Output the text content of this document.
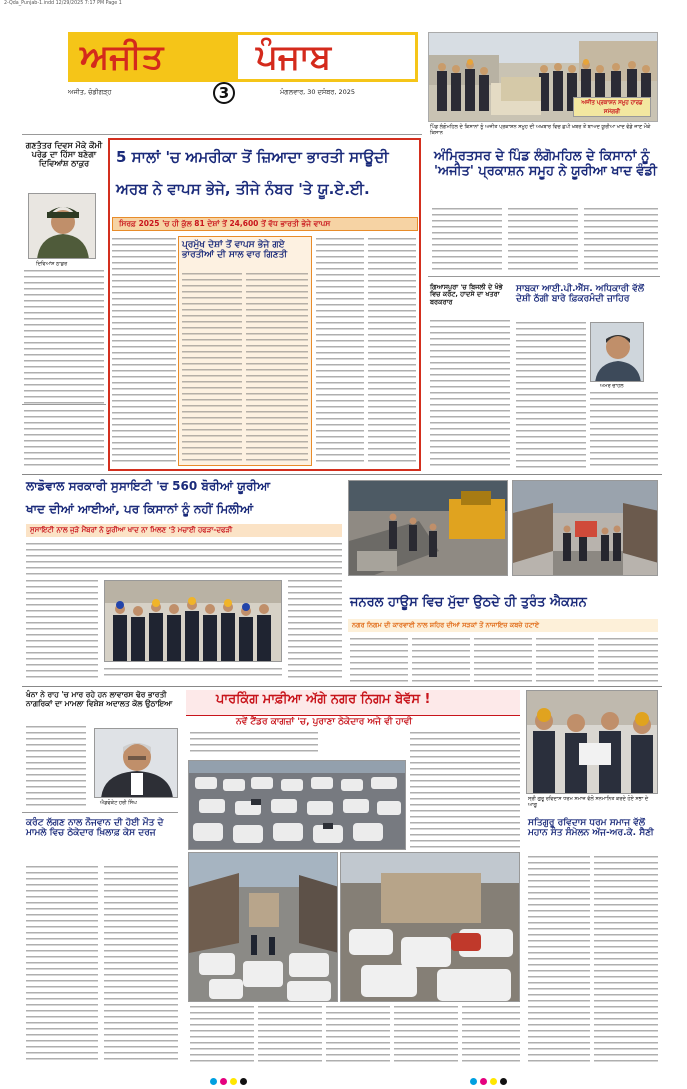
2-Qda_Punjab-1.indd 12/29/2025 7:17 PM Page 1
ਅਜੀਤ	ਪੰਜਾਬ
ਅਜੀਤ, ਚੰਡੀਗੜ੍ਹ	3	ਮੰਗਲਵਾਰ, 30 ਦਸੰਬਰ, 2025
ਅਜੀਤ ਪ੍ਰਕਾਸ਼ਨ ਸਮੂਹ ਹਾਰਡ ਸਮੱਗਰੀ
ਪਿੰਡ ਲੰਗੋਮਹਿਲ ਦੇ ਕਿਸਾਨਾਂ ਨੂੰ ਅਜੀਤ ਪ੍ਰਕਾਸ਼ਨ ਸਮੂਹ ਦੀ ਅਖ਼ਬਾਰ ਵਿਚ ਛਪੀ ਖ਼ਬਰ ਤੋਂ ਬਾਅਦ ਯੂਰੀਆ ਖਾਦ ਵੰਡੇ ਜਾਣ ਮੌਕੇ ਕਿਸਾਨ
ਗਣਤੰਤਰ ਦਿਵਸ ਮੌਕੇ ਕੌਮੀ ਪਰੇਡ ਦਾ ਹਿੱਸਾ ਬਣੇਗਾ ਦਿਵਿਆਂਸ਼ ਠਾਕੁਰ
ਦਿਵਿਆਂਸ਼ ਠਾਕੁਰ
5 ਸਾਲਾਂ 'ਚ ਅਮਰੀਕਾ ਤੋਂ ਜ਼ਿਆਦਾ ਭਾਰਤੀ ਸਾਊਦੀ
ਅਰਬ ਨੇ ਵਾਪਸ ਭੇਜੇ, ਤੀਜੇ ਨੰਬਰ 'ਤੇ ਯੂ.ਏ.ਈ.
ਸਿਰਫ਼ 2025 'ਚ ਹੀ ਕੁੱਲ 81 ਦੇਸ਼ਾਂ ਤੋਂ 24,600 ਤੋਂ ਵੱਧ ਭਾਰਤੀ ਭੇਜੇ ਵਾਪਸ
ਪ੍ਰਮੁੱਖ ਦੇਸ਼ਾਂ ਤੋਂ ਵਾਪਸ ਭੇਜੇ ਗਏ ਭਾਰਤੀਆਂ ਦੀ ਸਾਲ ਵਾਰ ਗਿਣਤੀ
ਅੰਮ੍ਰਿਤਸਰ ਦੇ ਪਿੰਡ ਲੰਗੋਮਹਿਲ ਦੇ ਕਿਸਾਨਾਂ ਨੂੰ 'ਅਜੀਤ' ਪ੍ਰਕਾਸ਼ਨ ਸਮੂਹ ਨੇ ਯੂਰੀਆ ਖਾਦ ਵੰਡੀ
ਗਿਆਸਪੁਰਾ 'ਚ ਬਿਜਲੀ ਦੇ ਖੰਭੇ ਵਿਚ ਕਰੰਟ, ਹਾਦਸੇ ਦਾ ਖਤਰਾ ਬਰਕਰਾਰ
ਸਾਬਕਾ ਆਈ.ਪੀ.ਐੱਸ. ਅਧਿਕਾਰੀ ਵੱਲੋਂ ਦੇਸ਼ੀ ਠੱਗੀ ਬਾਰੇ ਫ਼ਿਕਰਮੰਦੀ ਜ਼ਾਹਿਰ
ਅਮਰ ਚਾਹਲ
ਲਾਡੋਵਾਲ ਸਰਕਾਰੀ ਸੁਸਾਇਟੀ 'ਚ 560 ਬੋਰੀਆਂ ਯੂਰੀਆ
ਖਾਦ ਦੀਆਂ ਆਈਆਂ, ਪਰ ਕਿਸਾਨਾਂ ਨੂੰ ਨਹੀਂ ਮਿਲੀਆਂ
ਸੁਸਾਇਟੀ ਨਾਲ ਜੁੜੇ ਮੈਂਬਰਾਂ ਨੇ ਯੂਰੀਆ ਖਾਦ ਨਾ ਮਿਲਣ 'ਤੇ ਮਚਾਈ ਹਫੜਾ-ਦਫੜੀ
ਜਨਰਲ ਹਾਊਸ ਵਿਚ ਮੁੱਦਾ ਉਠਦੇ ਹੀ ਤੁਰੰਤ ਐਕਸ਼ਨ
ਨਗਰ ਨਿਗਮ ਦੀ ਕਾਰਵਾਈ ਨਾਲ ਸ਼ਹਿਰ ਦੀਆਂ ਸੜਕਾਂ ਤੋਂ ਨਾਜਾਇਜ਼ ਕਬਜ਼ੇ ਹਟਾਏ
ਖੰਨਾ ਨੇ ਰਾਹ 'ਚ ਮਾਰ ਰਹੇ ਹਨ ਲਾਵਾਰਸ ਢੋਰ ਭਾਰਤੀ ਨਾਗਰਿਕਾਂ ਦਾ ਮਾਮਲਾ ਵਿਸ਼ੇਸ਼ ਅਦਾਲਤ ਕੋਲ ਉਠਾਇਆ
ਐਡਵੋਕੇਟ ਹਰੀ ਸਿੰਘ
ਕਰੰਟ ਲੱਗਣ ਨਾਲ ਨੌਜਵਾਨ ਦੀ ਹੋਈ ਮੌਤ ਦੇ ਮਾਮਲੇ ਵਿਚ ਠੇਕੇਦਾਰ ਖ਼ਿਲਾਫ਼ ਕੇਸ ਦਰਜ
ਪਾਰਕਿੰਗ ਮਾਫ਼ੀਆ ਅੱਗੇ ਨਗਰ ਨਿਗਮ ਬੇਵੱਸ !
ਨਵੇਂ ਟੈਂਡਰ ਕਾਗਜ਼ਾਂ 'ਚ, ਪੁਰਾਣਾ ਠੇਕੇਦਾਰ ਅਜੇ ਵੀ ਹਾਵੀ
ਸ੍ਰੀ ਗੁਰੂ ਰਵਿਦਾਸ ਧਰਮ ਸਮਾਜ ਵੱਲੋਂ ਸਨਮਾਨਿਤ ਕਰਦੇ ਹੋਏ ਸਭਾ ਦੇ ਆਗੂ
ਸਤਿਗੁਰੂ ਰਵਿਦਾਸ ਧਰਮ ਸਮਾਜ ਵੱਲੋਂ ਮਹਾਨ ਸੰਤ ਸੰਮੇਲਨ ਅੱਜ-ਅਰ.ਕੇ. ਸੈਣੀ
